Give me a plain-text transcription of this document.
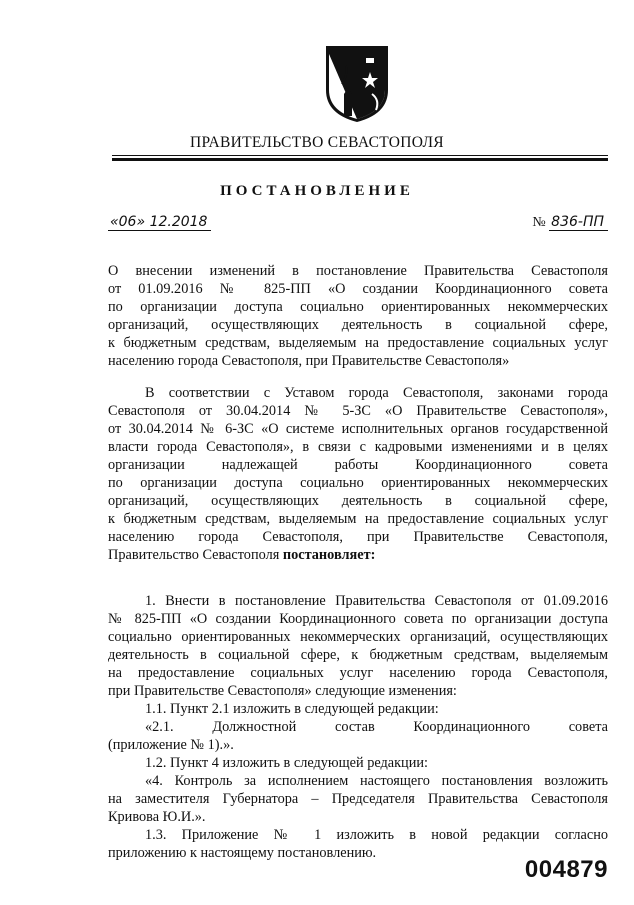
ПРАВИТЕЛЬСТВО СЕВАСТОПОЛЯ
ПОСТАНОВЛЕНИЕ
«06» 12.2018	№ 836-ПП
О внесении изменений в постановление Правительства Севастополя
от 01.09.2016 № 825-ПП «О создании Координационного совета
по организации доступа социально ориентированных некоммерческих
организаций, осуществляющих деятельность в социальной сфере,
к бюджетным средствам, выделяемым на предоставление социальных услуг
населению города Севастополя, при Правительстве Севастополя»
В соответствии с Уставом города Севастополя, законами города
Севастополя от 30.04.2014 № 5-ЗС «О Правительстве Севастополя»,
от 30.04.2014 № 6-ЗС «О системе исполнительных органов государственной
власти города Севастополя», в связи с кадровыми изменениями и в целях
организации надлежащей работы Координационного совета
по организации доступа социально ориентированных некоммерческих
организаций, осуществляющих деятельность в социальной сфере,
к бюджетным средствам, выделяемым на предоставление социальных услуг
населению города Севастополя, при Правительстве Севастополя,
Правительство Севастополя постановляет:
1. Внести в постановление Правительства Севастополя от 01.09.2016
№ 825-ПП «О создании Координационного совета по организации доступа
социально ориентированных некоммерческих организаций, осуществляющих
деятельность в социальной сфере, к бюджетным средствам, выделяемым
на предоставление социальных услуг населению города Севастополя,
при Правительстве Севастополя» следующие изменения:
1.1. Пункт 2.1 изложить в следующей редакции:
«2.1. Должностной состав Координационного совета
(приложение № 1).».
1.2. Пункт 4 изложить в следующей редакции:
«4. Контроль за исполнением настоящего постановления возложить
на заместителя Губернатора – Председателя Правительства Севастополя
Кривова Ю.И.».
1.3. Приложение № 1 изложить в новой редакции согласно
приложению к настоящему постановлению.
004879
